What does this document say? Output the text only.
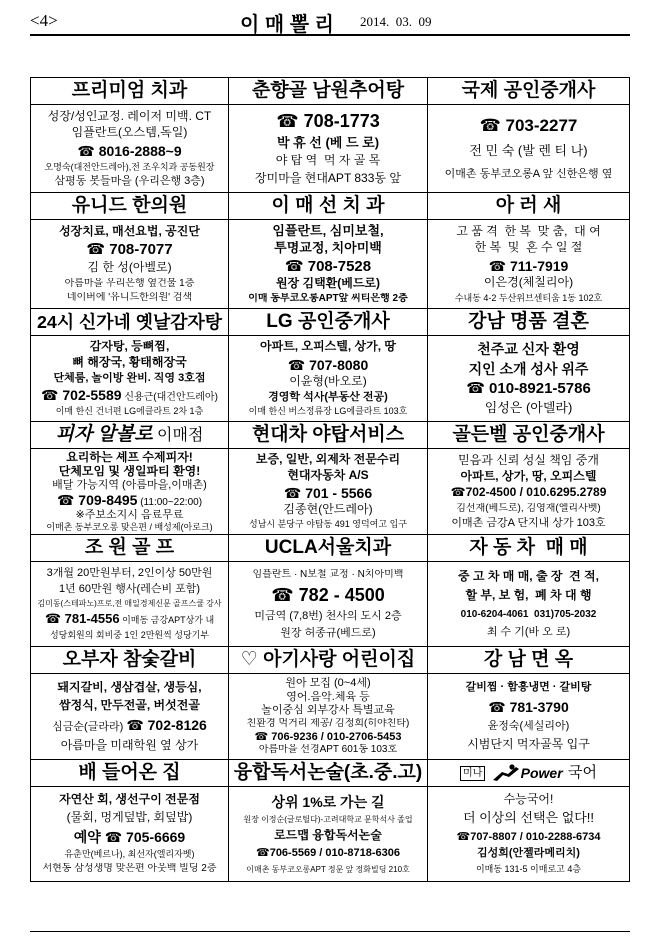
<4>	이 매 뽈 리	2014.  03.  09
프리미엄 치과
성장/성인교정. 레이저 미백. CT
임플란트(오스템,독일)
☎ 8016-2888~9
오명숙(대전안드레아),전 조우치과 공동원장
삼평동 봇들마을 (우리은행 3층)
춘향골 남원추어탕
☎ 708-1773
박 휴 선 (베 드 로)
야 탑 역  먹 자 골 목
장미마을 현대APT 833동 앞
국제 공인중개사
☎ 703-2277
전 민 숙 (발 렌 티 나)
이매촌 동부코오롱A 앞 신한은행 옆
유니드 한의원
성장치료, 매선요법, 공진단
☎ 708-7077
김 한 성(아벨로)
아름마을 우리은행 옆건물 1층
네이버에 '유니드한의원' 검색
이 매 선 치 과
임플란트, 심미보철,
투명교정, 치아미백
☎ 708-7528
원장 김택환(베드로)
이매 동부코오롱APT앞 씨티은행 2층
아 러 새
고 품 격  한 복  맞 춤,  대 여
한 복  및  혼 수 일 절
☎ 711-7919
이은경(체칠리아)
수내동 4-2 두산위브센티움 1동 102호
24시 신가네 옛날감자탕
감자탕, 등뼈찜,
뼈 해장국, 황태해장국
단체룸, 놀이방 완비. 직영 3호점
☎ 702-5589 신용근(대건안드레아)
이매 한신 건너편 LG에클라트 2차 1층
LG 공인중개사
아파트, 오피스텔, 상가, 땅
☎ 707-8080
이윤형(바오로)
경영학 석사(부동산 전공)
이매 한신 버스정류장 LG에클라트 103호
강남 명품 결혼
천주교 신자 환영
지인 소개 성사 위주
☎ 010-8921-5786
임성은 (아델라)
피자 알볼로 이매점
요리하는 셰프 수제피자!
단체모임 및 생일파티 환영!
배달 가능지역 (아름마을,이매촌)
☎ 709-8495 (11:00~22:00)
※주보소지시 음료무료
이매촌 동부코오롱 맞은편 / 배성제(아로크)
현대차 야탑서비스
보증, 일반, 외제차 전문수리
현대자동차 A/S
☎ 701 - 5566
김종현(안드레아)
성남시 분당구 야탑동 491 영덕여고 입구
골든벨 공인중개사
믿음과 신뢰 성실 책임 중개
아파트, 상가, 땅, 오피스텔
☎702-4500 / 010.6295.2789
김선재(베드로), 김영재(엘리사벳)
이매촌 금강A 단지내 상가 103호
조 원 골 프
3개월 20만원부터, 2인이상 50만원
1년 60만원 행사(레슨비 포함)
김미동(스테파노)프로,전 매일경제신문 골프스쿨 강사
☎ 781-4556 이매동 금강APT상가 내
성당회원의 회비중 1인 2만원씩 성당기부
UCLA서울치과
임플란트 · N보철 교정 · N치아미백
☎ 782 - 4500
미금역 (7,8번) 천사의 도시 2층
원장 허종규(베드로)
자 동 차  매 매
중 고 차 매 매, 출 장  견 적,
할 부, 보 험,  폐 차 대 행
010-6204-4061  031)705-2032
최 수 기(바 오 로)
오부자 참숯갈비
돼지갈비, 생삼겹살, 생등심,
쌈정식, 만두전골, 버섯전골
심금순(글라라) ☎ 702-8126
아름마을 미래학원 옆 상가
♡ 아기사랑 어린이집
원아 모집 (0~4세)
영어.음악.체육 등
놀이중심 외부강사 특별교육
친환경 먹거리 제공/ 김정희(히야친타)
☎ 706-9236 / 010-2706-5453
아름마을 선경APT 601동 103호
강 남 면 옥
갈비찜 · 함흥냉면 · 갈비탕
☎ 781-3790
윤정숙(세실리아)
시범단지 먹자골목 입구
배 들어온 집
자연산 회, 생선구이 전문점
(물회, 멍게덮밥, 회덮밥)
예약 ☎ 705-6669
유춘만(베르나), 최선자(엘리자벳)
서현동 삼성생명 맞은편 아웃백 빌딩 2층
융합독서논술(초.중.고)
상위 1%로 가는 길
원장 이정순(글로틸다)-고려대학교 문학석사 졸업
로드맵 융합독서논술
☎706-5569 / 010-8718-6306
이매촌 동부코오롱APT 정문 앞 정화빌딩 210호
미나	Power 국어
수능국어!
더 이상의 선택은 없다!!
☎707-8807 / 010-2288-6734
김성희(안젤라메리치)
이매동 131-5 이매로고 4층
